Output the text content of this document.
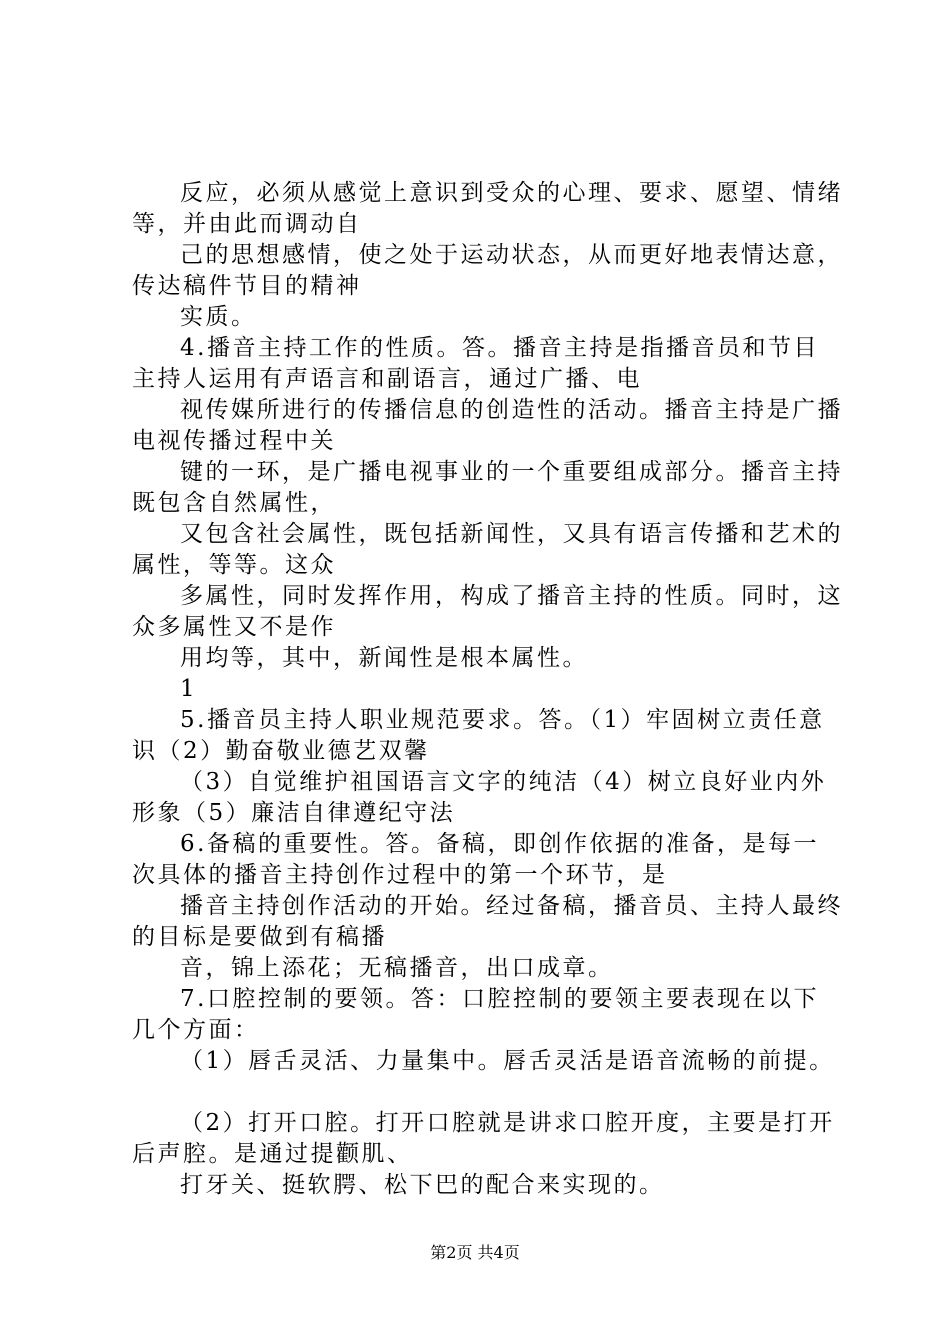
反应，必须从感觉上意识到受众的心理、要求、愿望、情绪等，并由此而调动自

己的思想感情，使之处于运动状态，从而更好地表情达意，传达稿件节目的精神

实质。

4.播音主持工作的性质。答。播音主持是指播音员和节目主持人运用有声语言和副语言，通过广播、电

视传媒所进行的传播信息的创造性的活动。播音主持是广播电视传播过程中关

键的一环，是广播电视事业的一个重要组成部分。播音主持既包含自然属性，

又包含社会属性，既包括新闻性，又具有语言传播和艺术的属性，等等。这众

多属性，同时发挥作用，构成了播音主持的性质。同时，这众多属性又不是作

用均等，其中，新闻性是根本属性。

1

5.播音员主持人职业规范要求。答。（1）牢固树立责任意识（2）勤奋敬业德艺双馨

（3）自觉维护祖国语言文字的纯洁（4）树立良好业内外形象（5）廉洁自律遵纪守法

6.备稿的重要性。答。备稿，即创作依据的准备，是每一次具体的播音主持创作过程中的第一个环节，是

播音主持创作活动的开始。经过备稿，播音员、主持人最终的目标是要做到有稿播

音，锦上添花；无稿播音，出口成章。

7.口腔控制的要领。答：口腔控制的要领主要表现在以下几个方面：

（1）唇舌灵活、力量集中。唇舌灵活是语音流畅的前提。

（2）打开口腔。打开口腔就是讲求口腔开度，主要是打开后声腔。是通过提颧肌、

打牙关、挺软腭、松下巴的配合来实现的。

第2页 共4页
